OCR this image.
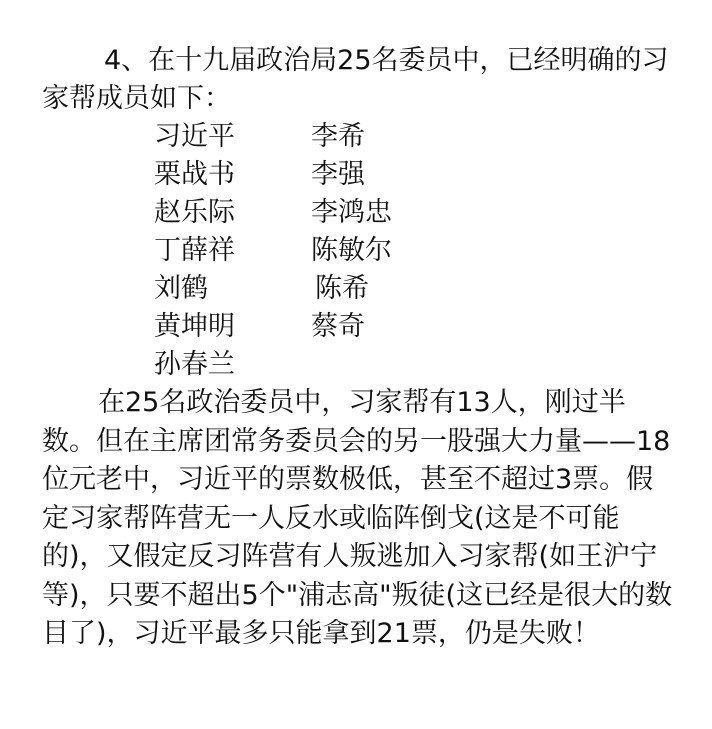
4、在十九届政治局25名委员中，已经明确的习家帮成员如下：

习近平	李希
栗战书	李强
赵乐际	李鸿忠
丁薛祥	陈敏尔
刘鹤	陈希
黄坤明	蔡奇
孙春兰

在25名政治委员中，习家帮有13人，刚过半数。但在主席团常务委员会的另一股强大力量——18位元老中，习近平的票数极低，甚至不超过3票。假定习家帮阵营无一人反水或临阵倒戈(这是不可能的)，又假定反习阵营有人叛逃加入习家帮(如王沪宁等)，只要不超出5个"浦志高"叛徒(这已经是很大的数目了)，习近平最多只能拿到21票，仍是失败！
